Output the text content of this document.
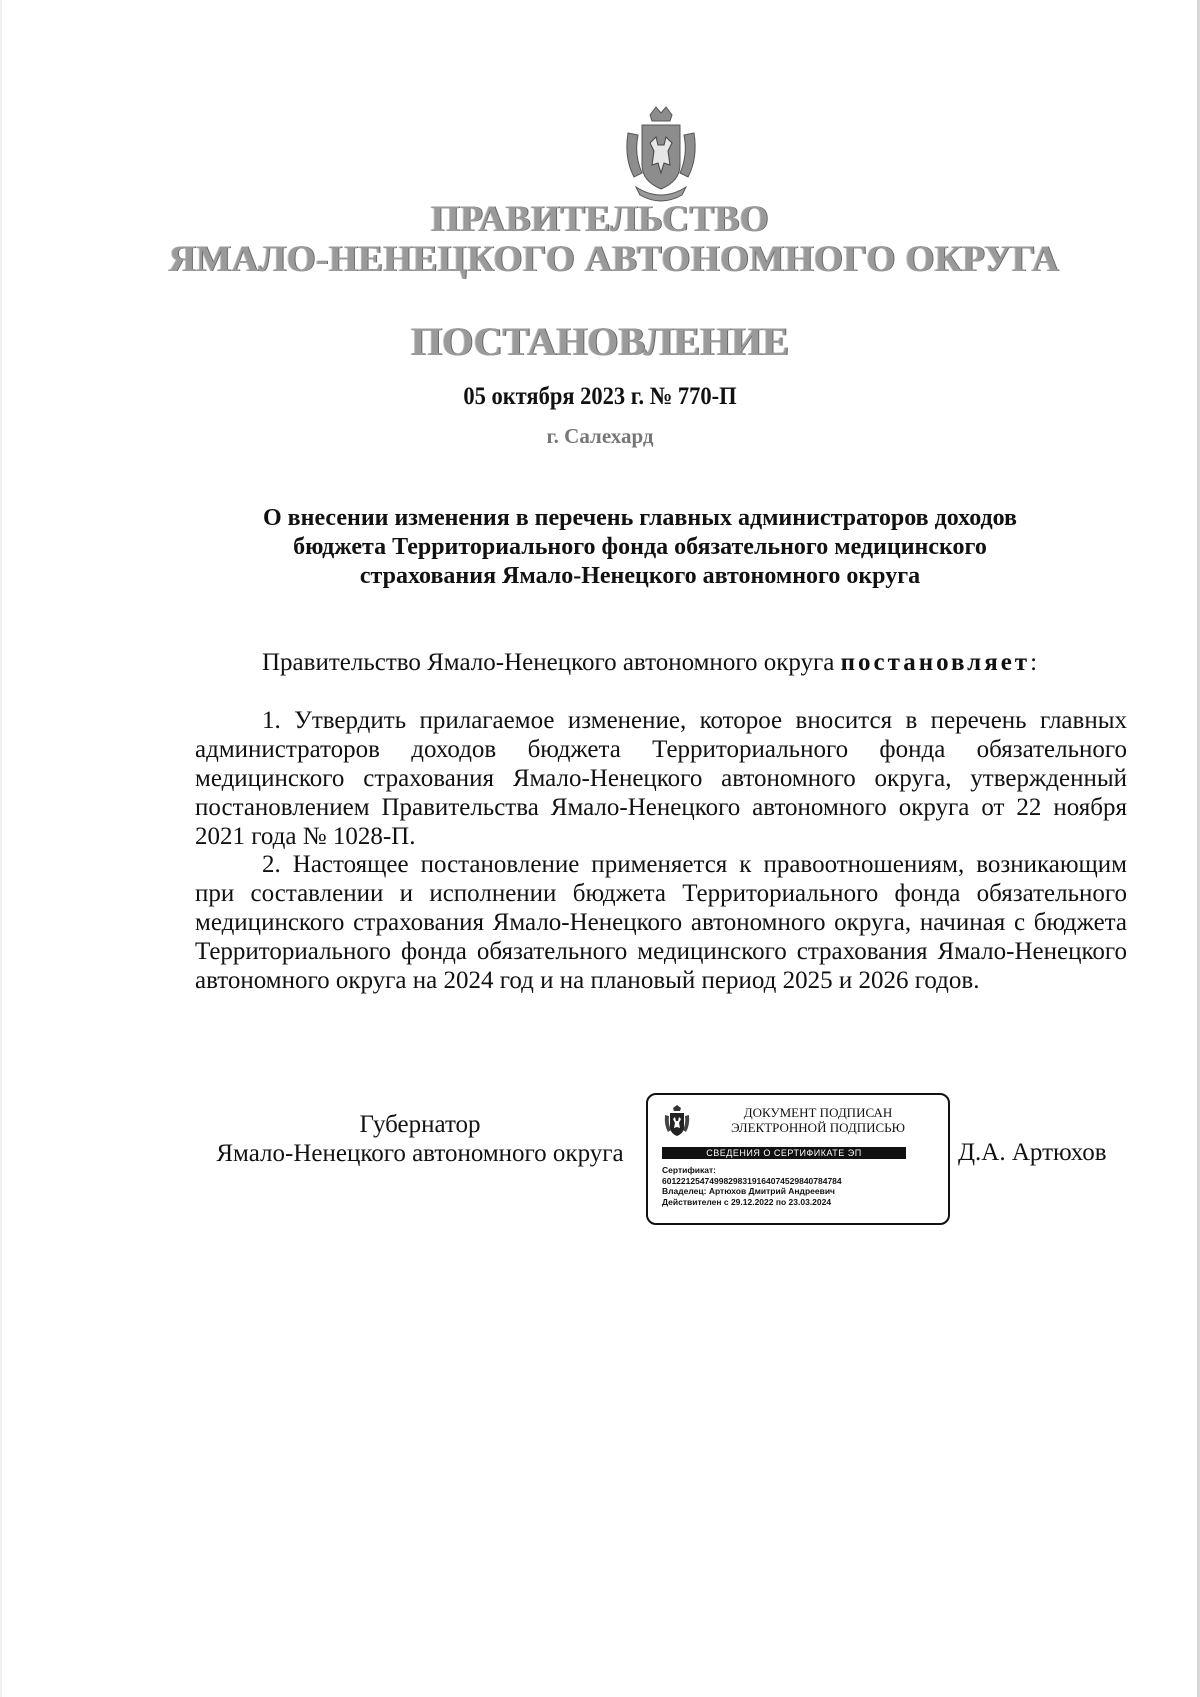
ПРАВИТЕЛЬСТВО
ЯМАЛО-НЕНЕЦКОГО АВТОНОМНОГО ОКРУГА
ПОСТАНОВЛЕНИЕ
05 октября 2023 г. № 770-П
г. Салехард
О внесении изменения в перечень главных администраторов доходов
бюджета Территориального фонда обязательного медицинского
страхования Ямало-Ненецкого автономного округа
Правительство Ямало-Ненецкого автономного округа постановляет:
1. Утвердить прилагаемое изменение, которое вносится в перечень главных администраторов доходов бюджета Территориального фонда обязательного медицинского страхования Ямало-Ненецкого автономного округа, утвержденный постановлением Правительства Ямало-Ненецкого автономного округа от 22 ноября 2021 года № 1028-П.
2. Настоящее постановление применяется к правоотношениям, возникающим при составлении и исполнении бюджета Территориального фонда обязательного медицинского страхования Ямало-Ненецкого автономного округа, начиная с бюджета Территориального фонда обязательного медицинского страхования Ямало-Ненецкого автономного округа на 2024 год и на плановый период 2025 и 2026 годов.
Губернатор
Ямало-Ненецкого автономного округа
ДОКУМЕНТ ПОДПИСАН
ЭЛЕКТРОННОЙ ПОДПИСЬЮ
СВЕДЕНИЯ О СЕРТИФИКАТЕ ЭП
Сертификат:
60122125474998298319164074529840784784
Владелец: Артюхов Дмитрий Андреевич
Действителен с 29.12.2022 по 23.03.2024
Д.А. Артюхов
